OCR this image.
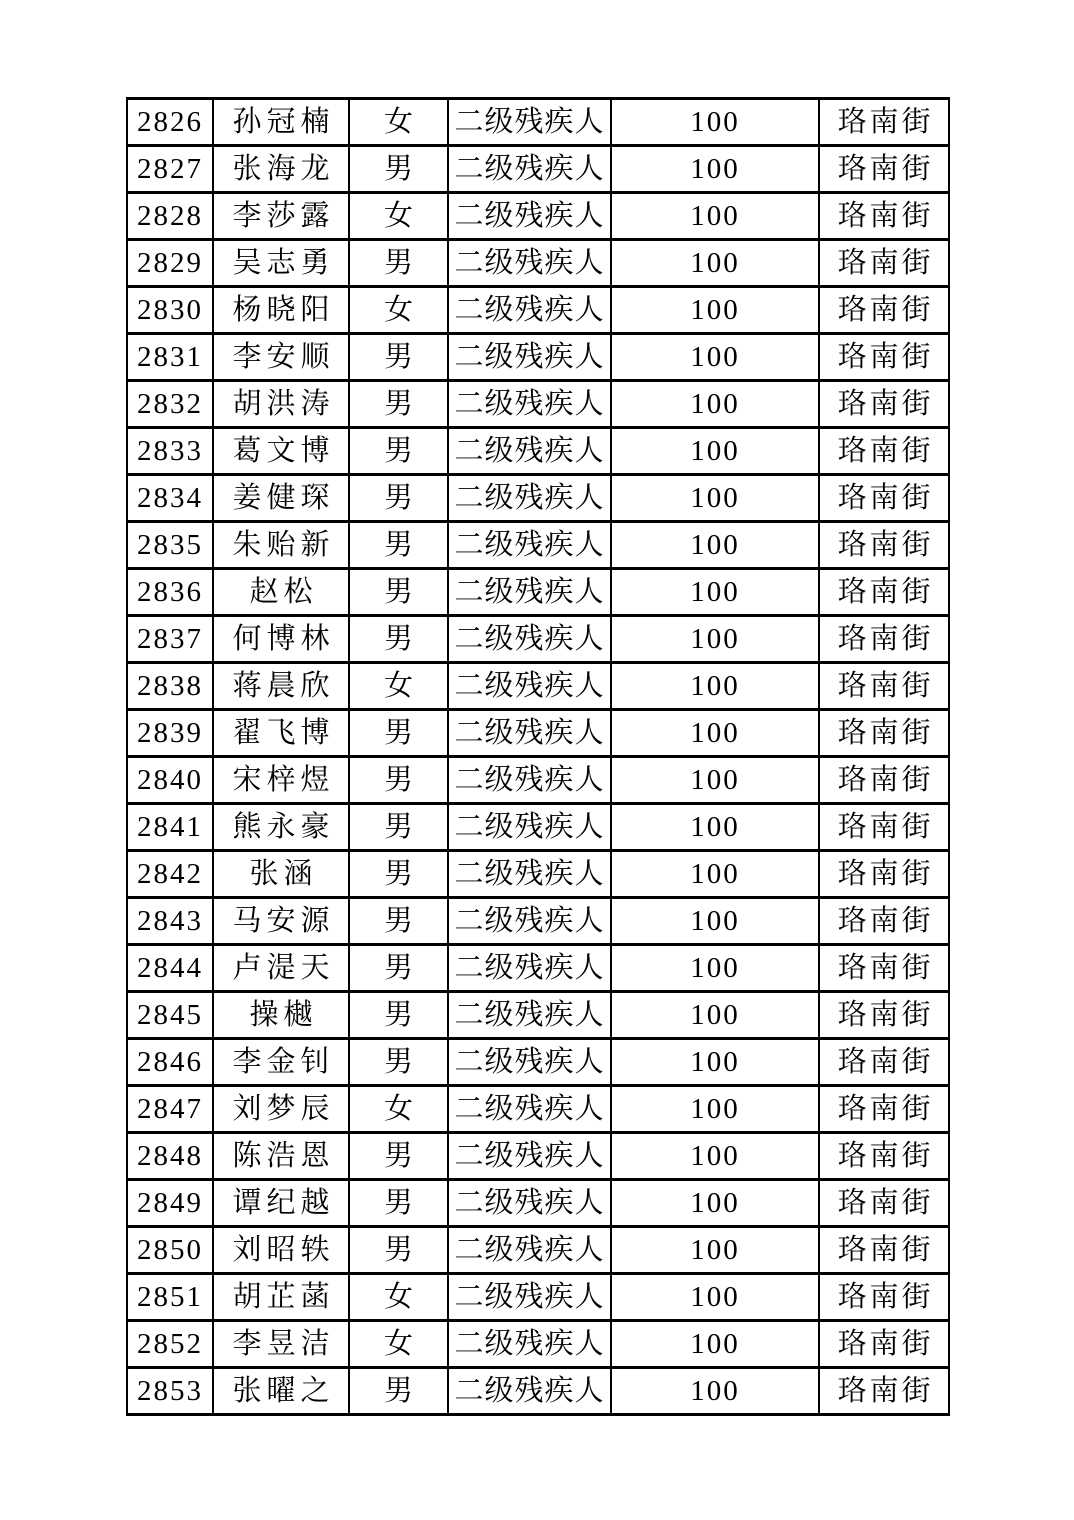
2826	孙冠楠	女	二级残疾人	100	珞南街
2827	张海龙	男	二级残疾人	100	珞南街
2828	李莎露	女	二级残疾人	100	珞南街
2829	吴志勇	男	二级残疾人	100	珞南街
2830	杨晓阳	女	二级残疾人	100	珞南街
2831	李安顺	男	二级残疾人	100	珞南街
2832	胡洪涛	男	二级残疾人	100	珞南街
2833	葛文博	男	二级残疾人	100	珞南街
2834	姜健琛	男	二级残疾人	100	珞南街
2835	朱贻新	男	二级残疾人	100	珞南街
2836	赵松	男	二级残疾人	100	珞南街
2837	何博林	男	二级残疾人	100	珞南街
2838	蒋晨欣	女	二级残疾人	100	珞南街
2839	翟飞博	男	二级残疾人	100	珞南街
2840	宋梓煜	男	二级残疾人	100	珞南街
2841	熊永豪	男	二级残疾人	100	珞南街
2842	张涵	男	二级残疾人	100	珞南街
2843	马安源	男	二级残疾人	100	珞南街
2844	卢湜天	男	二级残疾人	100	珞南街
2845	操樾	男	二级残疾人	100	珞南街
2846	李金钊	男	二级残疾人	100	珞南街
2847	刘梦辰	女	二级残疾人	100	珞南街
2848	陈浩恩	男	二级残疾人	100	珞南街
2849	谭纪越	男	二级残疾人	100	珞南街
2850	刘昭轶	男	二级残疾人	100	珞南街
2851	胡芷菡	女	二级残疾人	100	珞南街
2852	李昱洁	女	二级残疾人	100	珞南街
2853	张曜之	男	二级残疾人	100	珞南街
